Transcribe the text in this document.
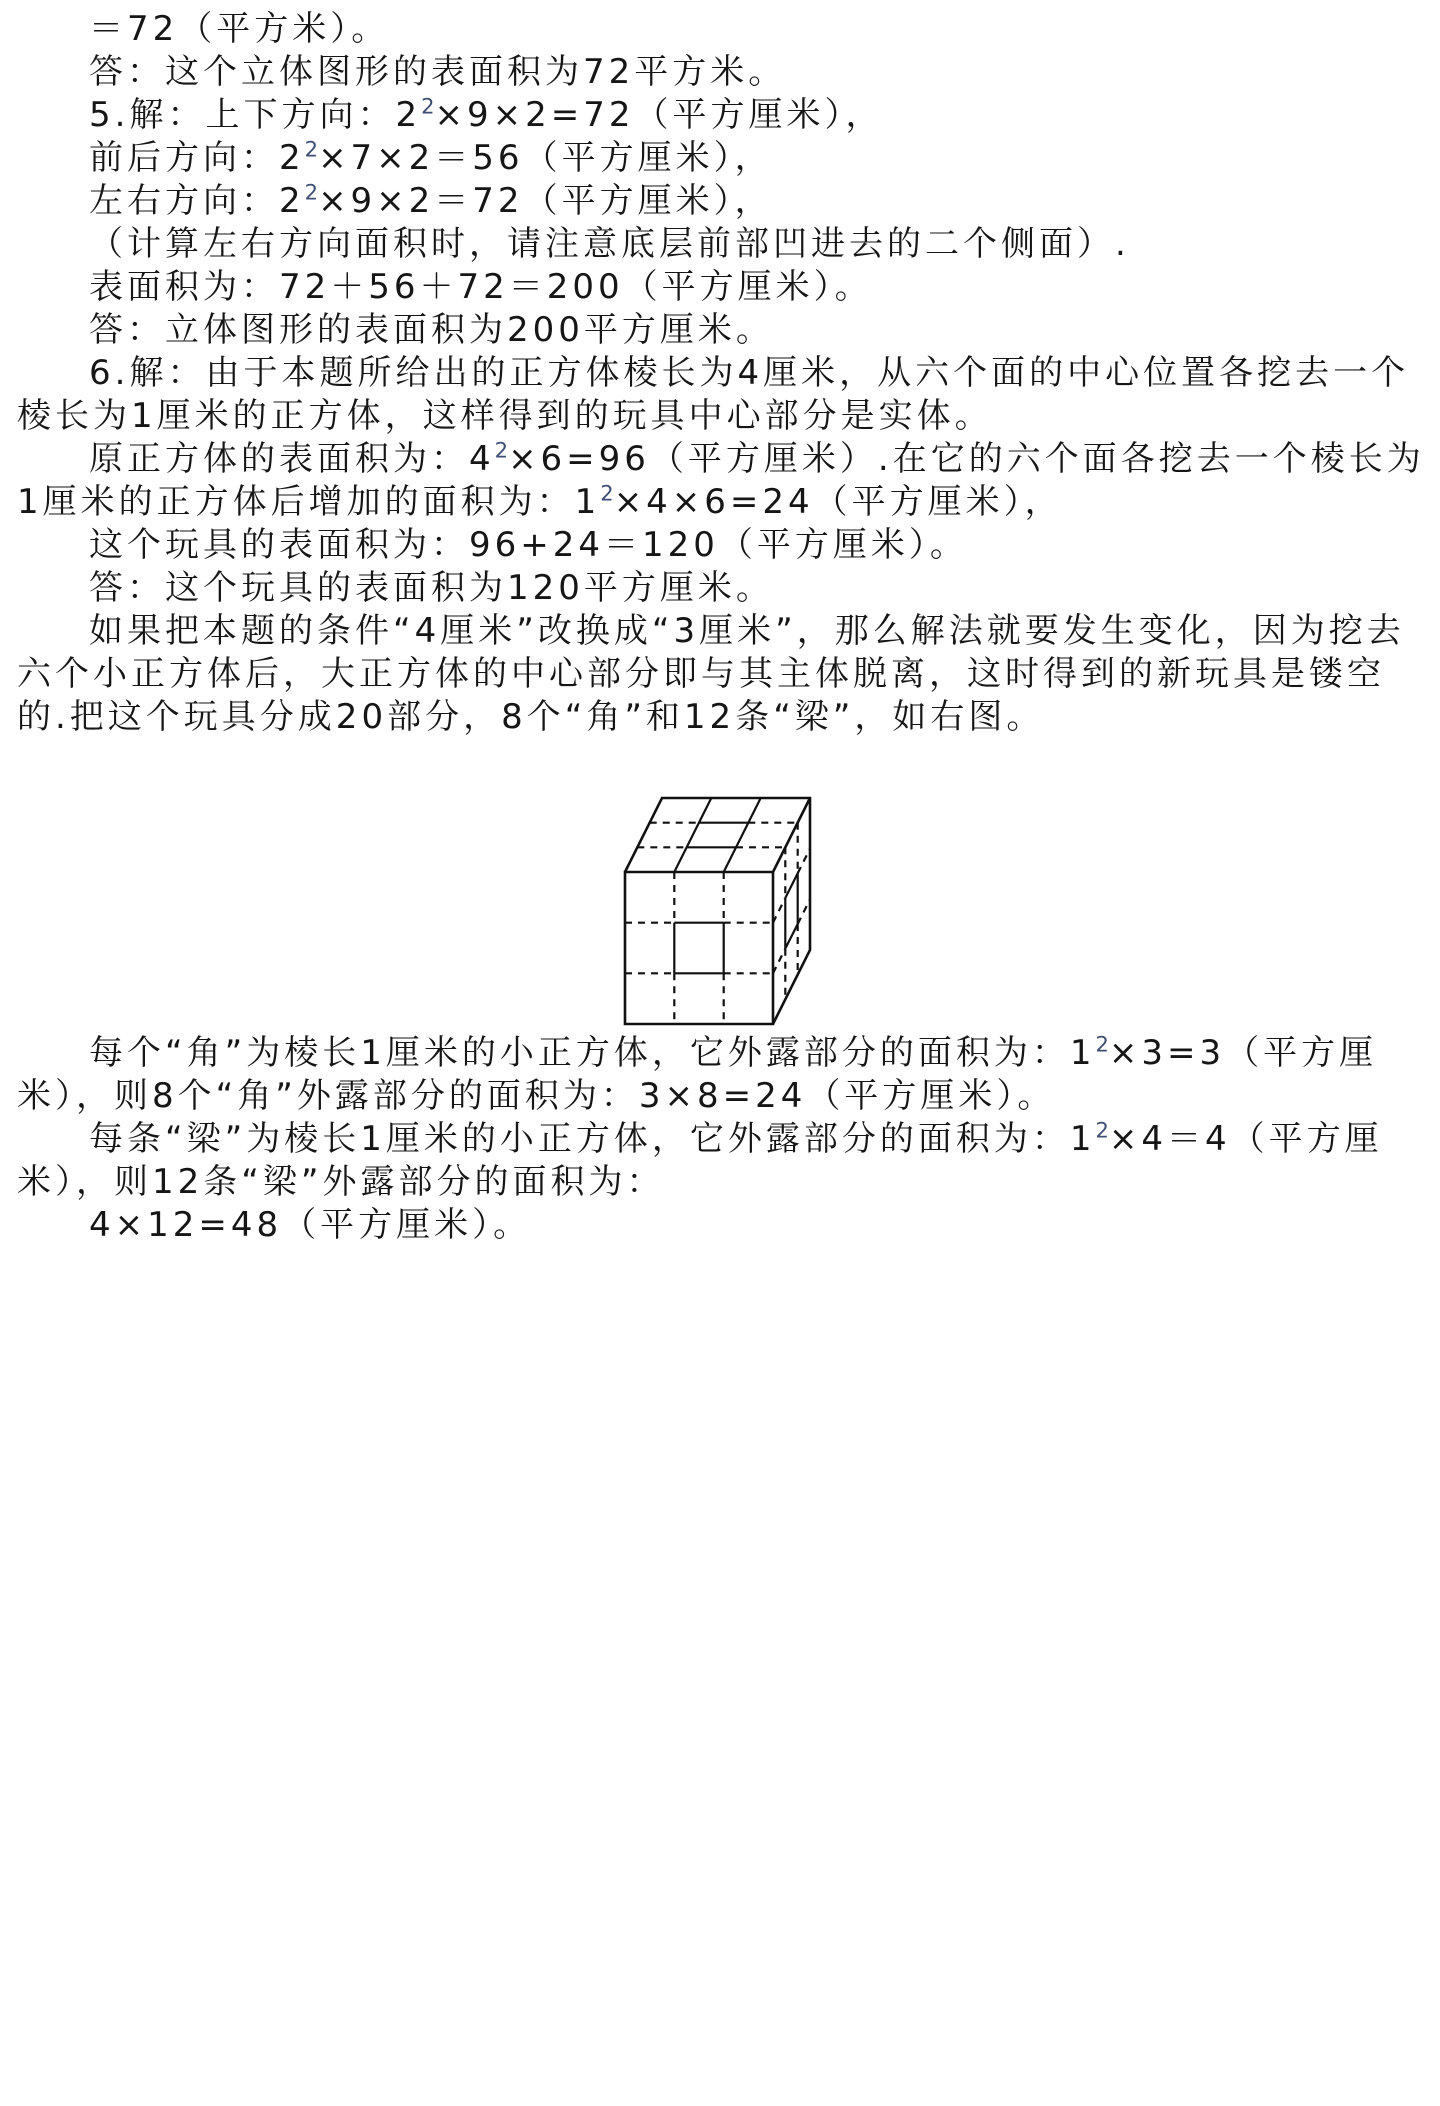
＝72（平方米）。

答：这个立体图形的表面积为72平方米。

5.解：上下方向：$2^2\times 9\times 2=72$（平方厘米），

前后方向：$2^2\times 7\times 2=56$（平方厘米），

左右方向：$2^2\times 9\times 2=72$（平方厘米），

（计算左右方向面积时，请注意底层前部凹进去的二个侧面）.

表面积为：72＋56＋72＝200（平方厘米）。

答：立体图形的表面积为200平方厘米。

6.解：由于本题所给出的正方体棱长为4厘米，从六个面的中心位置各挖去一个棱长为1厘米的正方体，这样得到的玩具中心部分是实体。

原正方体的表面积为：$4^2\times 6=96$（平方厘米）.在它的六个面各挖去一个棱长为1厘米的正方体后增加的面积为：$1^2\times 4\times 6=24$（平方厘米），

这个玩具的表面积为：96+24＝120（平方厘米）。

答：这个玩具的表面积为120平方厘米。

如果把本题的条件“4厘米”改换成“3厘米”，那么解法就要发生变化，因为挖去六个小正方体后，大正方体的中心部分即与其主体脱离，这时得到的新玩具是镂空的.把这个玩具分成20部分，8个“角”和12条“梁”，如右图。

每个“角”为棱长1厘米的小正方体，它外露部分的面积为：$1^2\times 3=3$（平方厘米），则8个“角”外露部分的面积为：3×8=24（平方厘米）。

每条“梁”为棱长1厘米的小正方体，它外露部分的面积为：$1^2\times 4=4$（平方厘米），则12条“梁”外露部分的面积为：

4×12=48（平方厘米）。
